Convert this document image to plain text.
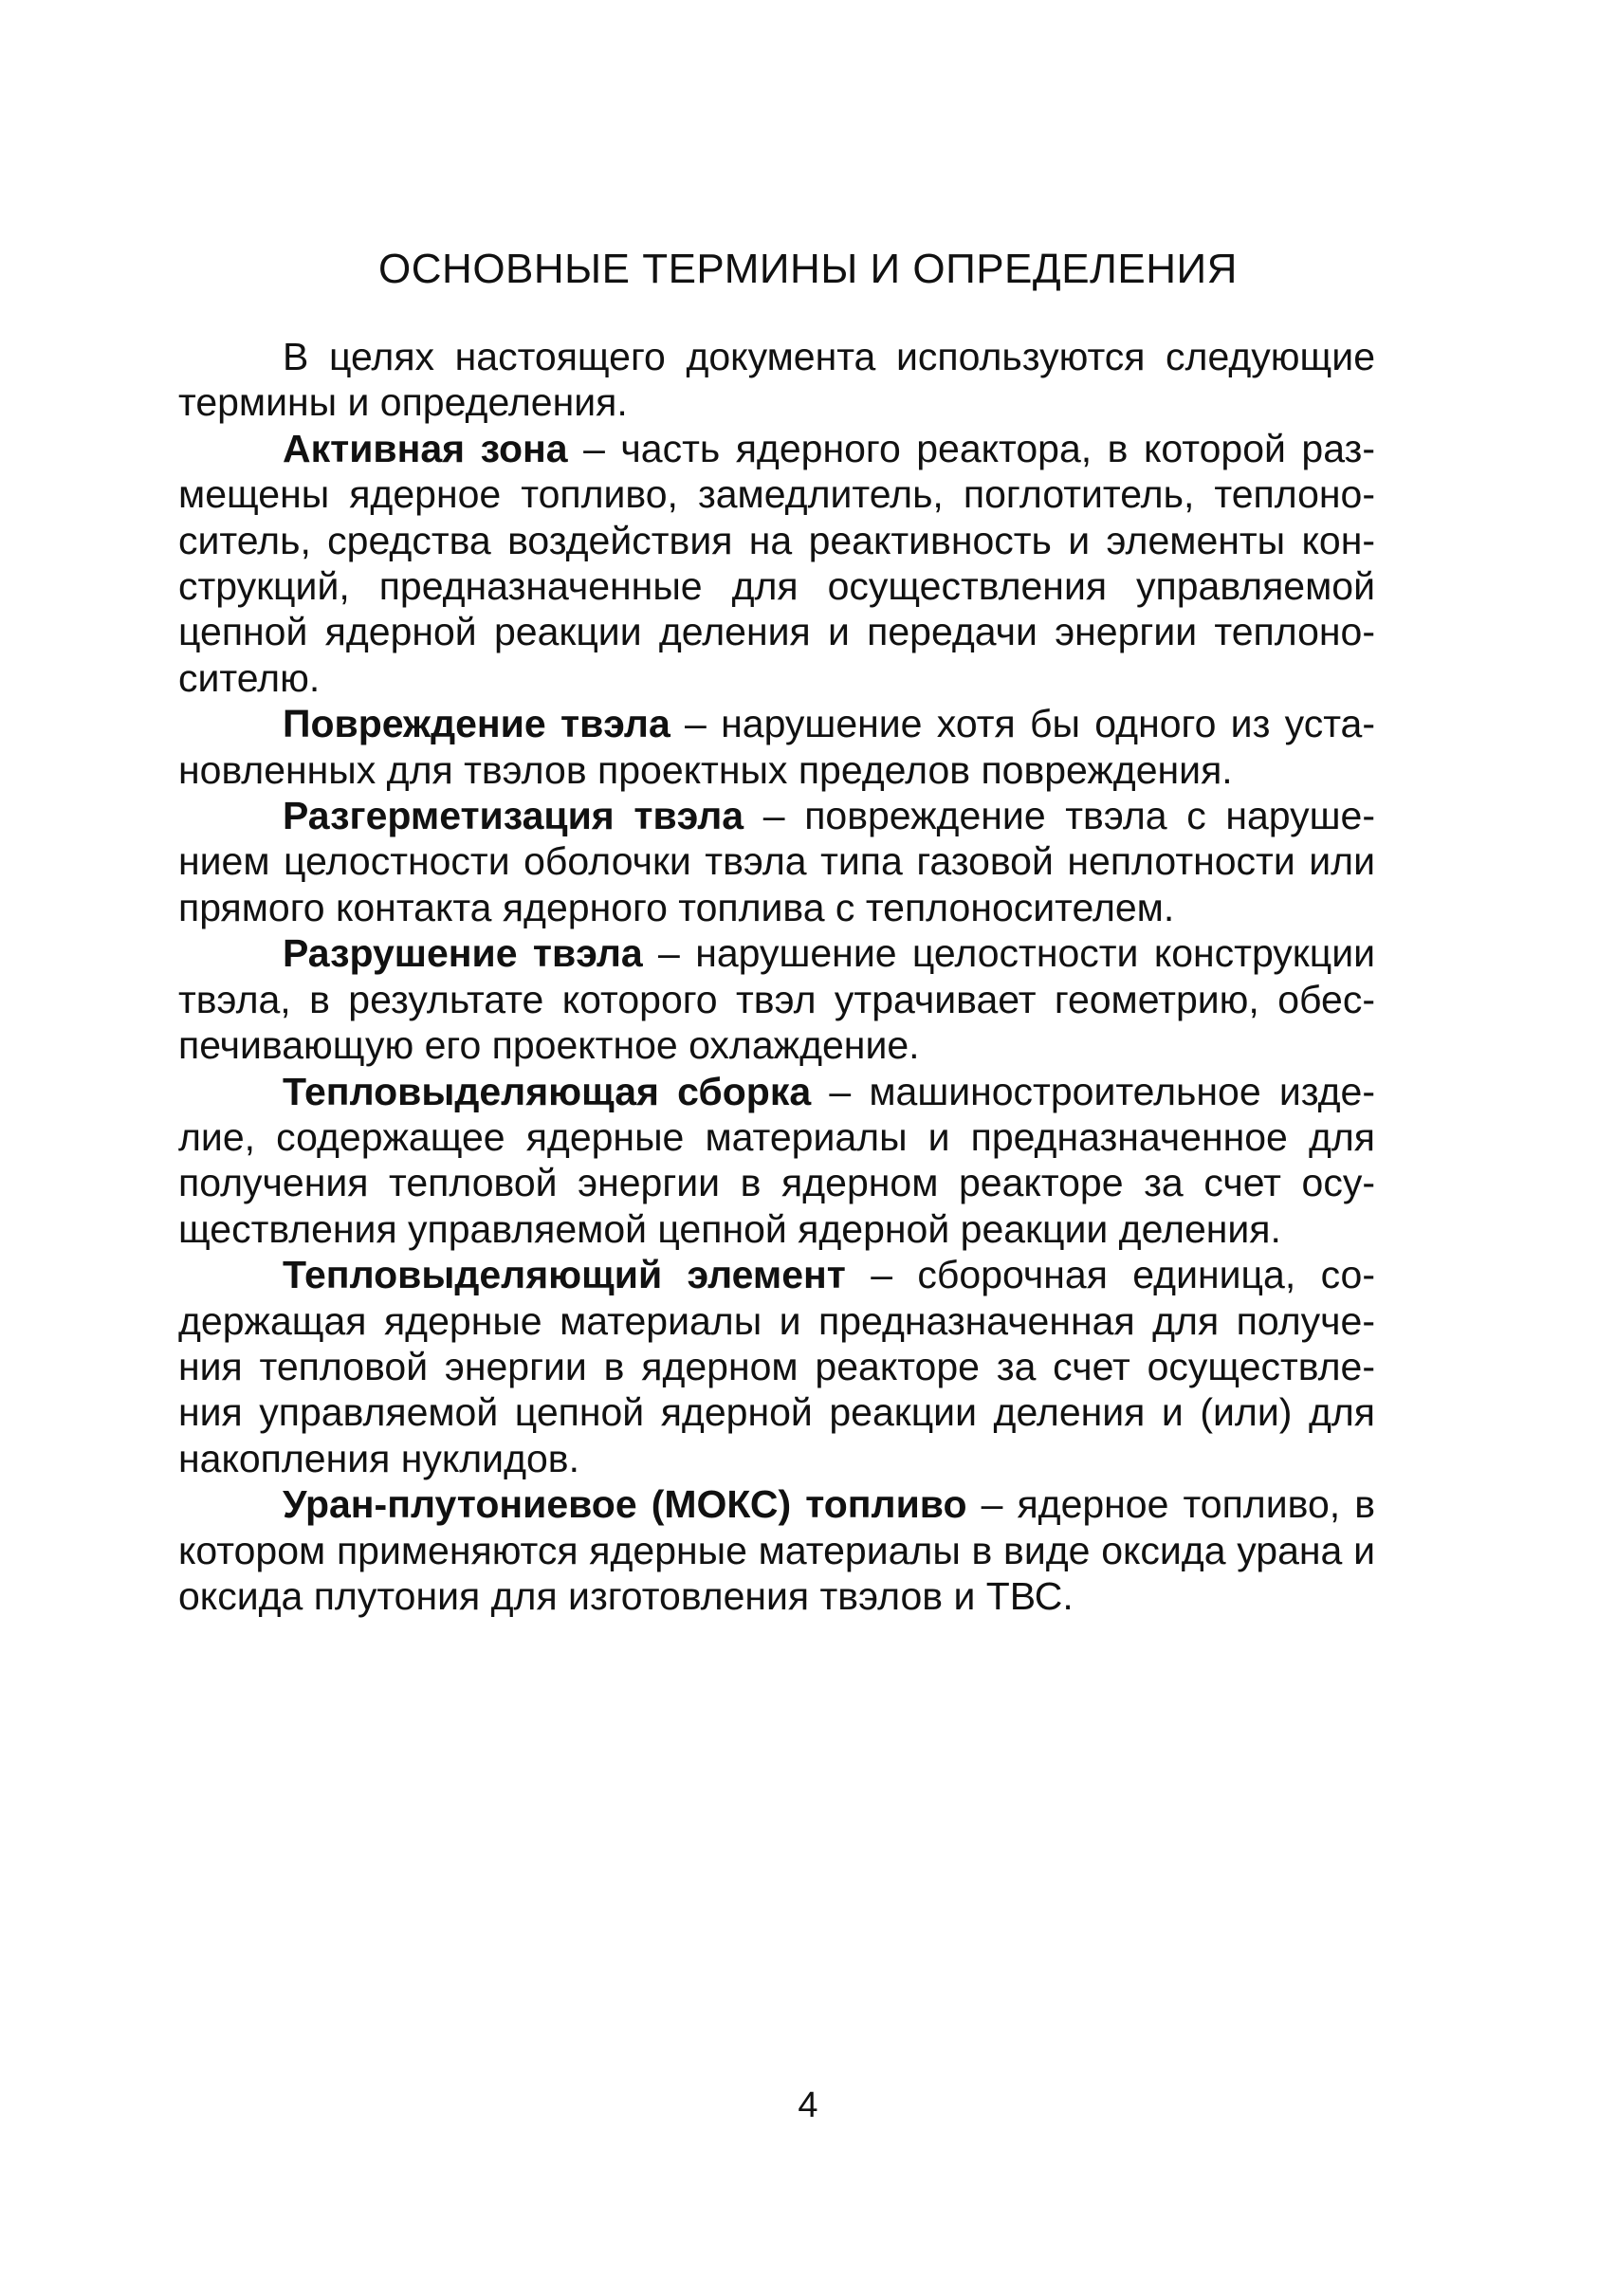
ОСНОВНЫЕ ТЕРМИНЫ И ОПРЕДЕЛЕНИЯ

В целях настоящего документа используются следующие термины и определения.

Активная зона – часть ядерного реактора, в которой размещены ядерное топливо, замедлитель, поглотитель, теплоноситель, средства воздействия на реактивность и элементы конструкций, предназначенные для осуществления управляемой цепной ядерной реакции деления и передачи энергии теплоносителю.

Повреждение твэла – нарушение хотя бы одного из установленных для твэлов проектных пределов повреждения.

Разгерметизация твэла – повреждение твэла с нарушением целостности оболочки твэла типа газовой неплотности или прямого контакта ядерного топлива с теплоносителем.

Разрушение твэла – нарушение целостности конструкции твэла, в результате которого твэл утрачивает геометрию, обеспечивающую его проектное охлаждение.

Тепловыделяющая сборка – машиностроительное изделие, содержащее ядерные материалы и предназначенное для получения тепловой энергии в ядерном реакторе за счет осуществления управляемой цепной ядерной реакции деления.

Тепловыделяющий элемент – сборочная единица, содержащая ядерные материалы и предназначенная для получения тепловой энергии в ядерном реакторе за счет осуществления управляемой цепной ядерной реакции деления и (или) для накопления нуклидов.

Уран-плутониевое (МОКС) топливо – ядерное топливо, в котором применяются ядерные материалы в виде оксида урана и оксида плутония для изготовления твэлов и ТВС.

4
